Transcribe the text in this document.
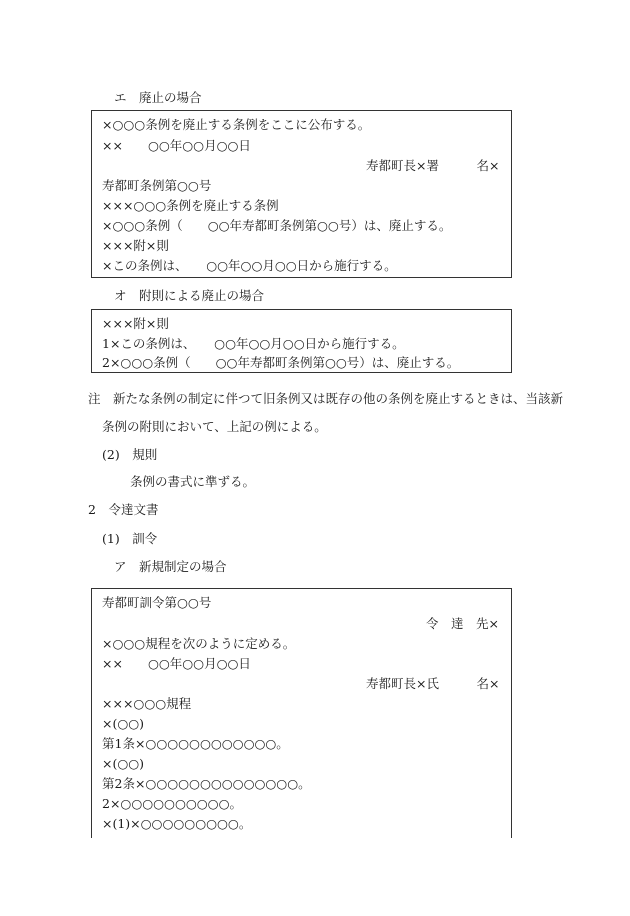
エ　廃止の場合
×○○○条例を廃止する条例をここに公布する。
××　　○○年○○月○○日
寿都町長×署　　　名×
寿都町条例第○○号
×××○○○条例を廃止する条例
×○○○条例（　　○○年寿都町条例第○○号）は、廃止する。
×××附×則
×この条例は、　　○○年○○月○○日から施行する。
オ　附則による廃止の場合
×××附×則
1×この条例は、　　○○年○○月○○日から施行する。
2×○○○条例（　　○○年寿都町条例第○○号）は、廃止する。
注　新たな条例の制定に伴つて旧条例又は既存の他の条例を廃止するときは、当該新
条例の附則において、上記の例による。
(2)　規則
条例の書式に準ずる。
2　令達文書
(1)　訓令
ア　新規制定の場合
寿都町訓令第○○号
令　達　先×
×○○○規程を次のように定める。
××　　○○年○○月○○日
寿都町長×氏　　　名×
×××○○○規程
×(○○)
第1条×○○○○○○○○○○○○。
×(○○)
第2条×○○○○○○○○○○○○○○。
2×○○○○○○○○○○。
×(1)×○○○○○○○○○。
